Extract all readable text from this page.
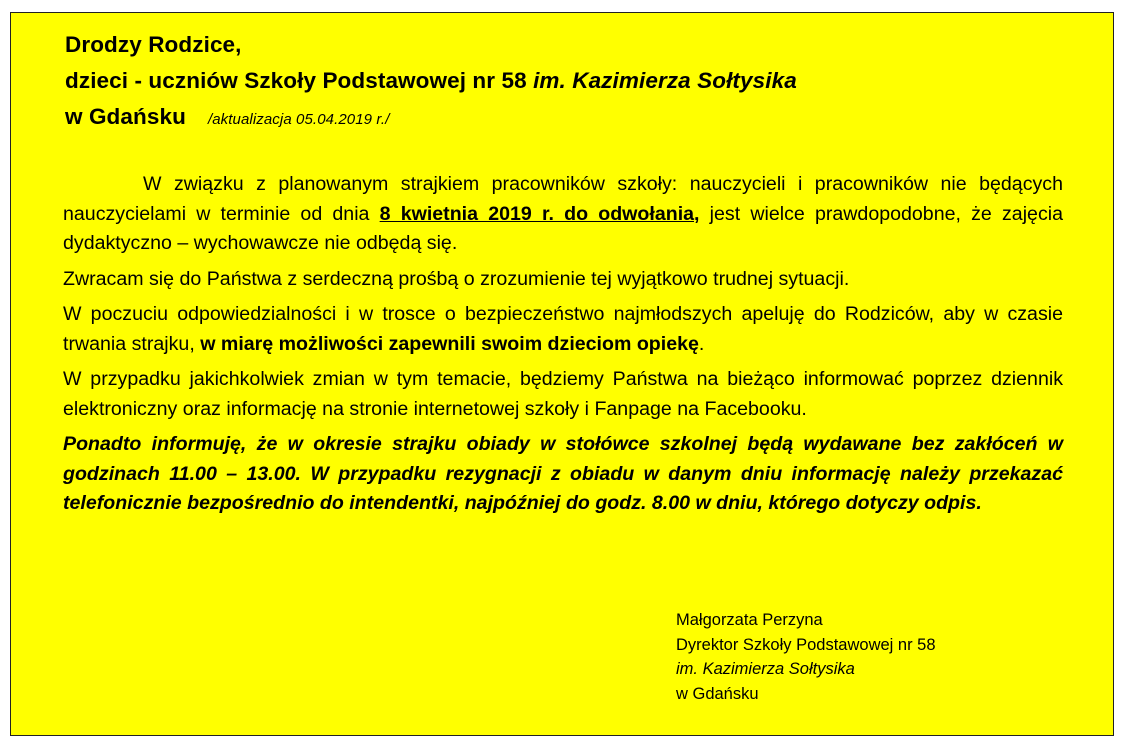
Drodzy Rodzice,
dzieci - uczniów Szkoły Podstawowej nr 58 im. Kazimierza Sołtysika
w Gdańsku /aktualizacja 05.04.2019 r./

W związku z planowanym strajkiem pracowników szkoły: nauczycieli i pracowników nie będących nauczycielami w terminie od dnia 8 kwietnia 2019 r. do odwołania, jest wielce prawdopodobne, że zajęcia dydaktyczno – wychowawcze nie odbędą się.

Zwracam się do Państwa z serdeczną prośbą o zrozumienie tej wyjątkowo trudnej sytuacji.

W poczuciu odpowiedzialności i w trosce o bezpieczeństwo najmłodszych apeluję do Rodziców, aby w czasie trwania strajku, w miarę możliwości zapewnili swoim dzieciom opiekę.

W przypadku jakichkolwiek zmian w tym temacie, będziemy Państwa na bieżąco informować poprzez dziennik elektroniczny oraz informację na stronie internetowej szkoły i Fanpage na Facebooku.

Ponadto informuję, że w okresie strajku obiady w stołówce szkolnej będą wydawane bez zakłóceń w godzinach 11.00 – 13.00. W przypadku rezygnacji z obiadu w danym dniu informację należy przekazać telefonicznie bezpośrednio do intendentki, najpóźniej do godz. 8.00 w dniu, którego dotyczy odpis.

Małgorzata Perzyna
Dyrektor Szkoły Podstawowej nr 58
im. Kazimierza Sołtysika
w Gdańsku
